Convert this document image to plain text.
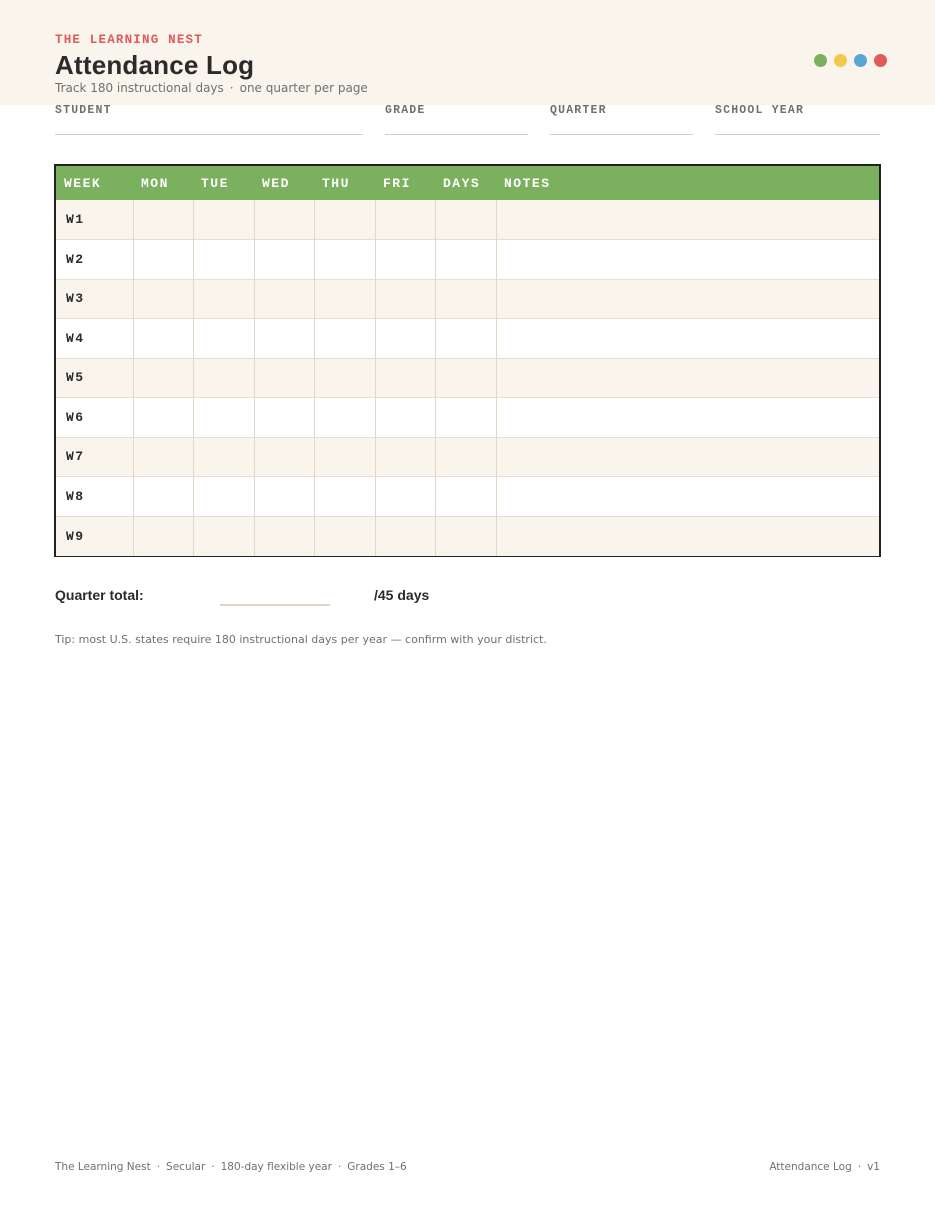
THE LEARNING NEST
Attendance Log
Track 180 instructional days · one quarter per page
STUDENT	GRADE	QUARTER	SCHOOL YEAR
WEEK	MON	TUE	WED	THU	FRI	DAYS	NOTES
W1							
W2							
W3							
W4							
W5							
W6							
W7							
W8							
W9							
Quarter total:	/45 days
Tip: most U.S. states require 180 instructional days per year — confirm with your district.
The Learning Nest · Secular · 180-day flexible year · Grades 1–6	Attendance Log · v1
